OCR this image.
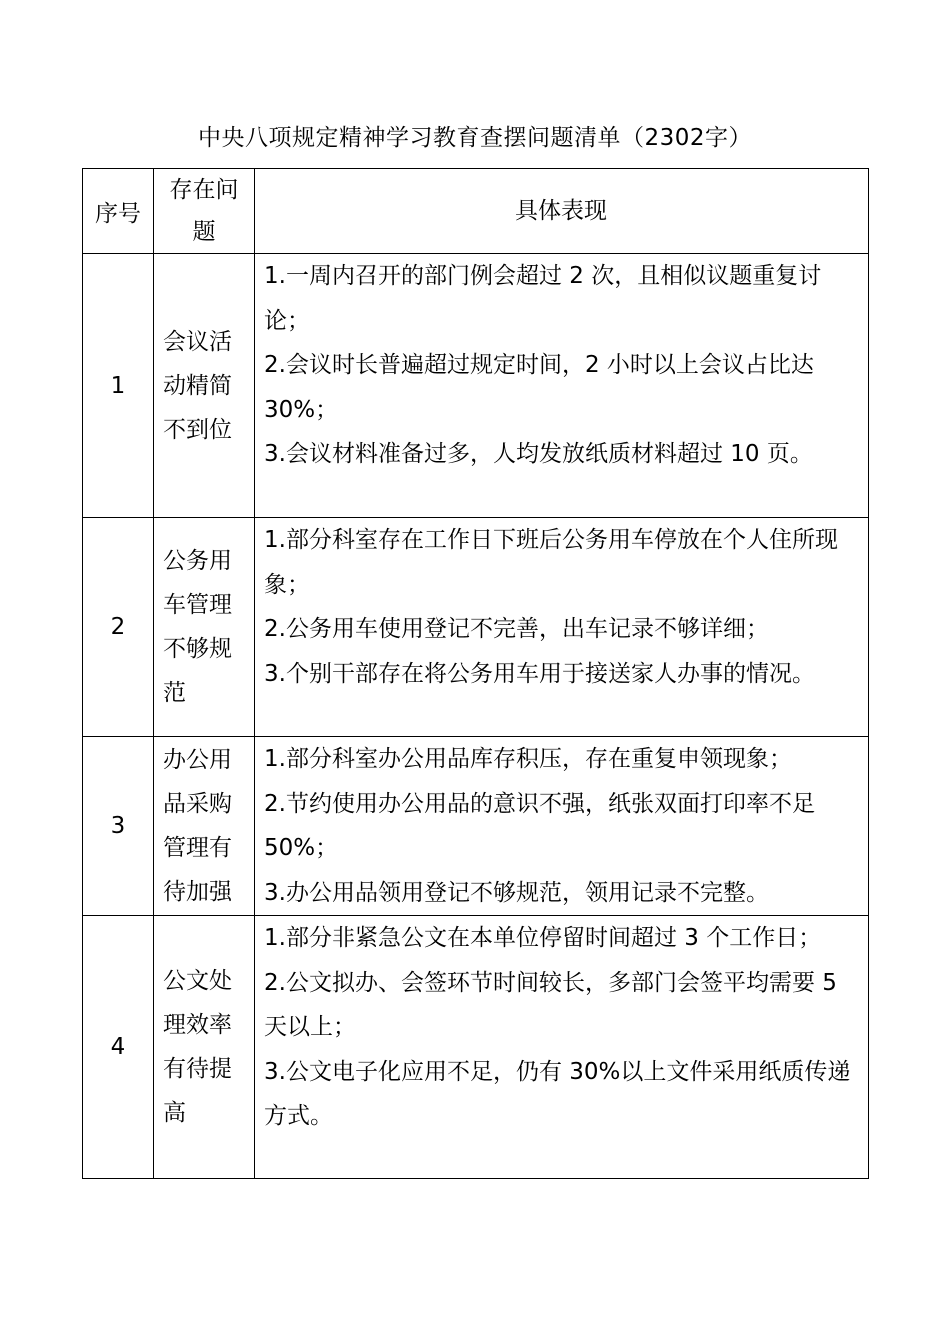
中央八项规定精神学习教育查摆问题清单（2302字）
序号	存在问题	具体表现
1	会议活动精简不到位	1.一周内召开的部门例会超过 2 次，且相似议题重复讨论；
2.会议时长普遍超过规定时间，2 小时以上会议占比达 30%；
3.会议材料准备过多，人均发放纸质材料超过 10 页。

2	公务用车管理不够规范	1.部分科室存在工作日下班后公务用车停放在个人住所现象；
2.公务用车使用登记不完善，出车记录不够详细；
3.个别干部存在将公务用车用于接送家人办事的情况。

3	办公用品采购管理有待加强	1.部分科室办公用品库存积压，存在重复申领现象；
2.节约使用办公用品的意识不强，纸张双面打印率不足 50%；
3.办公用品领用登记不够规范，领用记录不完整。

4	公文处理效率有待提高	1.部分非紧急公文在本单位停留时间超过 3 个工作日；
2.公文拟办、会签环节时间较长，多部门会签平均需要 5 天以上；
3.公文电子化应用不足，仍有 30%以上文件采用纸质传递方式。
